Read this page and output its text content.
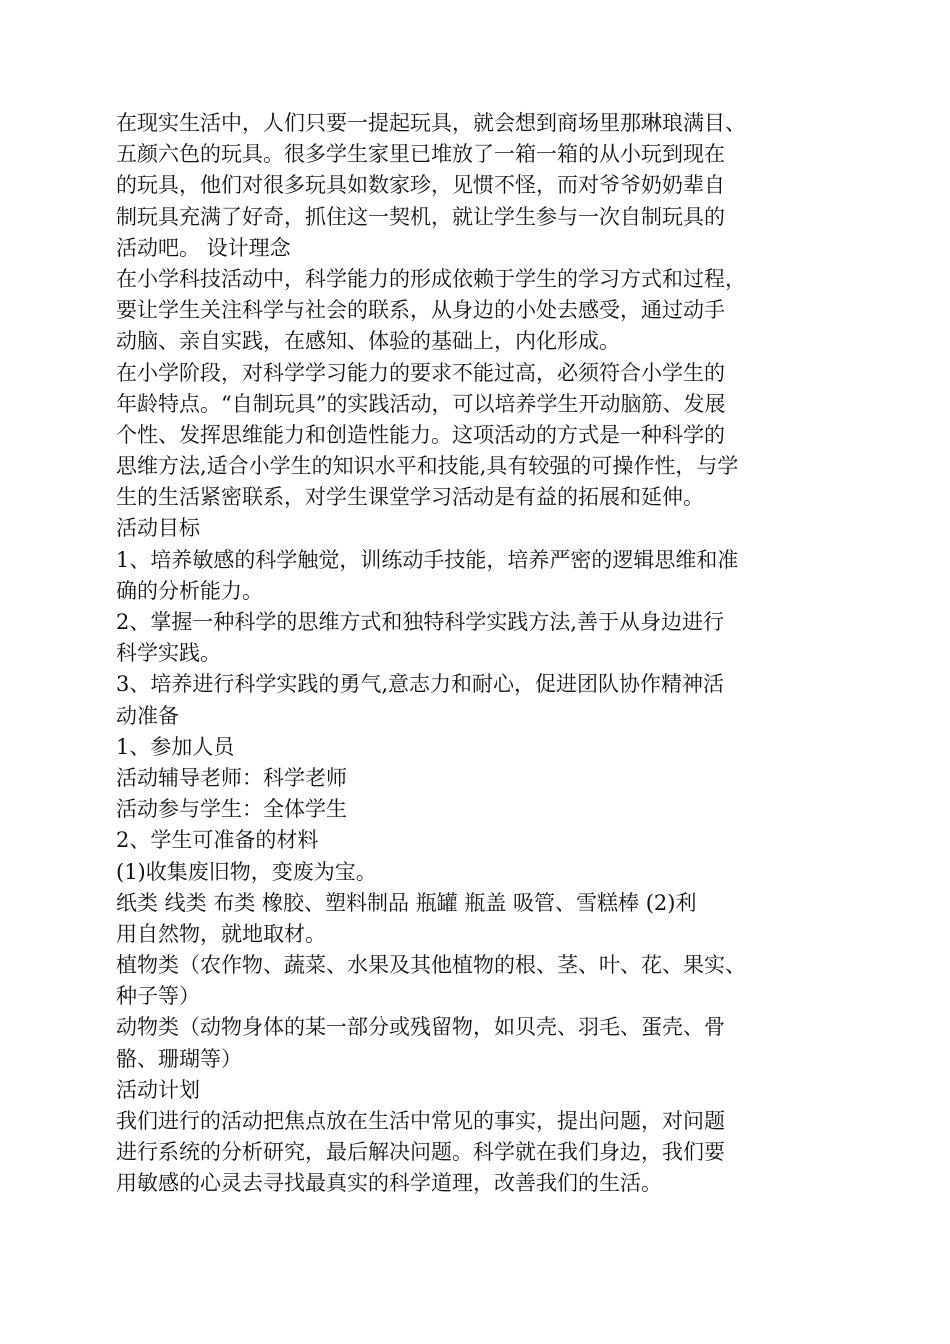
在现实生活中，人们只要一提起玩具，就会想到商场里那琳琅满目、
五颜六色的玩具。很多学生家里已堆放了一箱一箱的从小玩到现在
的玩具，他们对很多玩具如数家珍，见惯不怪，而对爷爷奶奶辈自
制玩具充满了好奇，抓住这一契机，就让学生参与一次自制玩具的
活动吧。 设计理念
在小学科技活动中，科学能力的形成依赖于学生的学习方式和过程，
要让学生关注科学与社会的联系，从身边的小处去感受，通过动手
动脑、亲自实践，在感知、体验的基础上，内化形成。
在小学阶段，对科学学习能力的要求不能过高，必须符合小学生的
年龄特点。“自制玩具”的实践活动，可以培养学生开动脑筋、发展
个性、发挥思维能力和创造性能力。这项活动的方式是一种科学的
思维方法,适合小学生的知识水平和技能,具有较强的可操作性，与学
生的生活紧密联系，对学生课堂学习活动是有益的拓展和延伸。
活动目标
1、培养敏感的科学触觉，训练动手技能，培养严密的逻辑思维和准
确的分析能力。
2、掌握一种科学的思维方式和独特科学实践方法,善于从身边进行
科学实践。
3、培养进行科学实践的勇气,意志力和耐心，促进团队协作精神活
动准备
1、参加人员
活动辅导老师：科学老师
活动参与学生：全体学生
2、学生可准备的材料
(1)收集废旧物，变废为宝。
纸类 线类 布类 橡胶、塑料制品 瓶罐 瓶盖 吸管、雪糕棒 (2)利
用自然物，就地取材。
植物类（农作物、蔬菜、水果及其他植物的根、茎、叶、花、果实、
种子等）
动物类（动物身体的某一部分或残留物，如贝壳、羽毛、蛋壳、骨
骼、珊瑚等）
活动计划
我们进行的活动把焦点放在生活中常见的事实，提出问题，对问题
进行系统的分析研究，最后解决问题。科学就在我们身边，我们要
用敏感的心灵去寻找最真实的科学道理，改善我们的生活。
